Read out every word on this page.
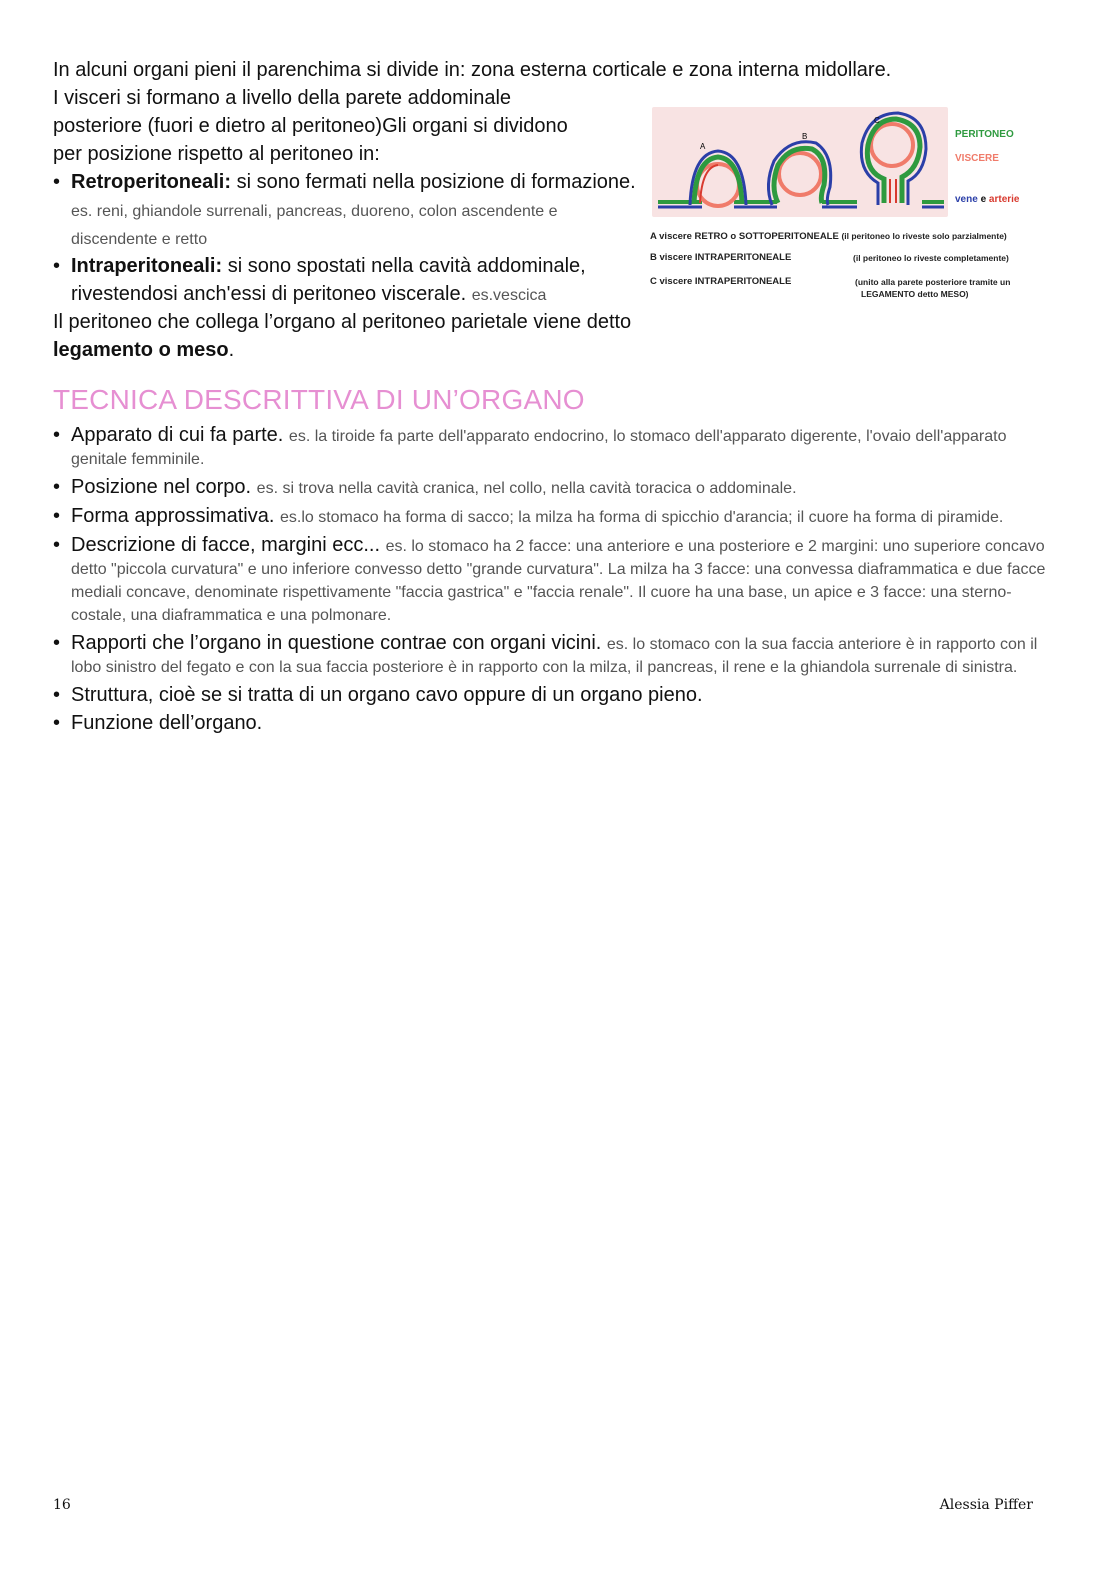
In alcuni organi pieni il parenchima si divide in: zona esterna corticale e zona interna midollare.

I visceri si formano a livello della parete addominale

posteriore (fuori e dietro al peritoneo)Gli organi si dividono

per posizione rispetto al peritoneo in:

• Retroperitoneali: si sono fermati nella posizione di formazione. es. reni, ghiandole surrenali, pancreas, duoreno, colon ascendente e discendente e retto
• Intraperitoneali: si sono spostati nella cavità addominale, rivestendosi anch'essi di peritoneo viscerale. es.vescica

Il peritoneo che collega l’organo al peritoneo parietale viene detto legamento o meso.

A
B
C
PERITONEO
VISCERE
vene e arterie
A viscere RETRO o SOTTOPERITONEALE (il peritoneo lo riveste solo parzialmente)
B viscere INTRAPERITONEALE	(il peritoneo lo riveste completamente)
C viscere INTRAPERITONEALE	(unito alla parete posteriore tramite un
LEGAMENTO detto MESO)
TECNICA DESCRITTIVA DI UN’ORGANO
• Apparato di cui fa parte. es. la tiroide fa parte dell'apparato endocrino, lo stomaco dell'apparato digerente, l'ovaio dell'apparato genitale femminile.
• Posizione nel corpo. es. si trova nella cavità cranica, nel collo, nella cavità toracica o addominale.
• Forma approssimativa. es.lo stomaco ha forma di sacco; la milza ha forma di spicchio d'arancia; il cuore ha forma di piramide.
• Descrizione di facce, margini ecc... es. lo stomaco ha 2 facce: una anteriore e una posteriore e 2 margini: uno superiore concavo detto "piccola curvatura" e uno inferiore convesso detto "grande curvatura". La milza ha 3 facce: una convessa diaframmatica e due facce mediali concave, denominate rispettivamente "faccia gastrica" e "faccia renale". Il cuore ha una base, un apice e 3 facce: una sterno- costale, una diaframmatica e una polmonare.
• Rapporti che l’organo in questione contrae con organi vicini. es. lo stomaco con la sua faccia anteriore è in rapporto con il lobo sinistro del fegato e con la sua faccia posteriore è in rapporto con la milza, il pancreas, il rene e la ghiandola surrenale di sinistra.
• Struttura, cioè se si tratta di un organo cavo oppure di un organo pieno.
• Funzione dell’organo.
16	Alessia Piffer
